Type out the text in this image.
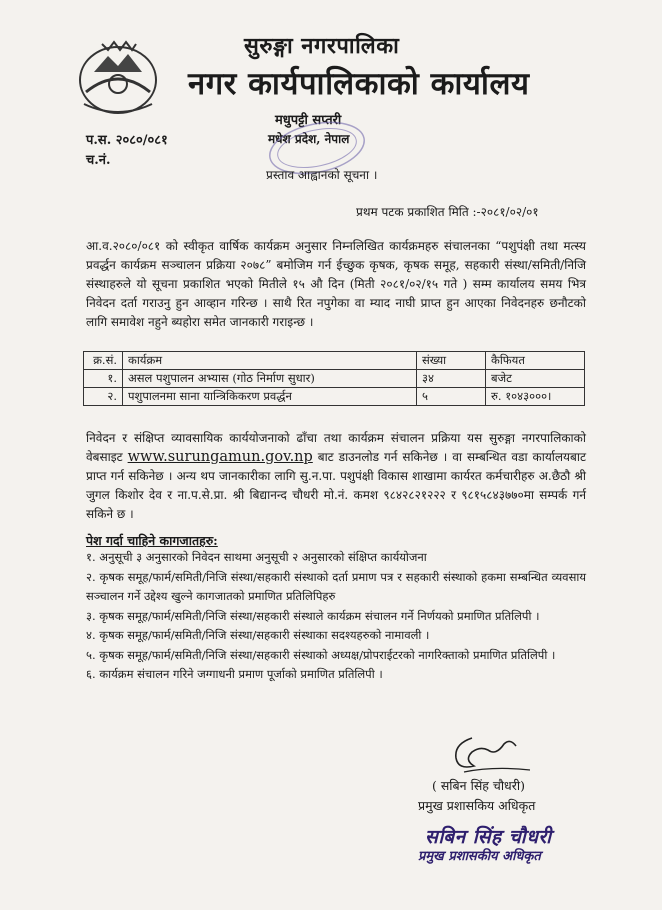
सुरुङ्गा नगरपालिका
नगर कार्यपालिकाको कार्यालय
मधुपट्टी सप्तरी
मधेश प्रदेश, नेपाल
प.स. २०८०/०८१
च.नं.
प्रस्ताव आह्वानको सूचना ।
प्रथम पटक प्रकाशित मिति :-२०८१/०२/०१

आ.व.२०८०/०८१ को स्वीकृत वार्षिक कार्यक्रम अनुसार निम्नलिखित कार्यक्रमहरु संचालनका “पशुपंक्षी तथा मत्स्य प्रवर्द्धन कार्यक्रम सञ्चालन प्रक्रिया २०७८” बमोजिम गर्न ईच्छुक कृषक, कृषक समूह, सहकारी संस्था/समिती/निजि संस्थाहरुले यो सूचना प्रकाशित भएको मितीले १५ औ दिन (मिती २०८१/०२/१५ गते ) सम्म कार्यालय समय भित्र निवेदन दर्ता गराउनु हुन आव्हान गरिन्छ । साथै रित नपुगेका वा म्याद नाघी प्राप्त हुन आएका निवेदनहरु छनौटको लागि समावेश नहुने ब्यहोरा समेत जानकारी गराइन्छ ।

क्र.सं.	कार्यक्रम	संख्या	कैफियत
१.	असल पशुपालन अभ्यास (गोठ निर्माण सुधार)	३४	बजेट
२.	पशुपालनमा साना यान्त्रिकिकरण प्रवर्द्धन	५	रु. १०४३०००।

निवेदन र संक्षिप्त व्यावसायिक कार्ययोजनाको ढाँचा तथा कार्यक्रम संचालन प्रक्रिया यस सुरुङ्गा नगरपालिकाको वेबसाइट www.surungamun.gov.np बाट डाउनलोड गर्न सकिनेछ । वा सम्बन्धित वडा कार्यालयबाट प्राप्त गर्न सकिनेछ । अन्य थप जानकारीका लागि सु.न.पा. पशुपंक्षी विकास शाखामा कार्यरत कर्मचारीहरु अ.छैठौ श्री जुगल किशोर देव र ना.प.से.प्रा. श्री बिद्यानन्द चौधरी मो.नं. कमश ९८४२८२१२२२ र ९८१५८४३७७०मा सम्पर्क गर्न सकिने छ ।

पेश गर्दा चाहिने कागजातहरु:
१. अनुसूची ३ अनुसारको निवेदन साथमा अनुसूची २ अनुसारको संक्षिप्त कार्ययोजना
२. कृषक समूह/फार्म/समिती/निजि संस्था/सहकारी संस्थाको दर्ता प्रमाण पत्र र सहकारी संस्थाको हकमा सम्बन्धित व्यवसाय सञ्चालन गर्ने उद्देश्य खुल्ने कागजातको प्रमाणित प्रतिलिपिहरु
३. कृषक समूह/फार्म/समिती/निजि संस्था/सहकारी संस्थाले कार्यक्रम संचालन गर्ने निर्णयको प्रमाणित प्रतिलिपी ।
४. कृषक समूह/फार्म/समिती/निजि संस्था/सहकारी संस्थाका सदश्यहरुको नामावली ।
५. कृषक समूह/फार्म/समिती/निजि संस्था/सहकारी संस्थाको अध्यक्ष/प्रोपराईटरको नागरिक्ताको प्रमाणित प्रतिलिपी ।
६. कार्यक्रम संचालन गरिने जग्गाधनी प्रमाण पूर्जाको प्रमाणित प्रतिलिपी ।
( सबिन सिंह चौधरी)
प्रमुख प्रशासकिय अधिकृत
सबिन सिंह चौधरी
प्रमुख प्रशासकीय अधिकृत
